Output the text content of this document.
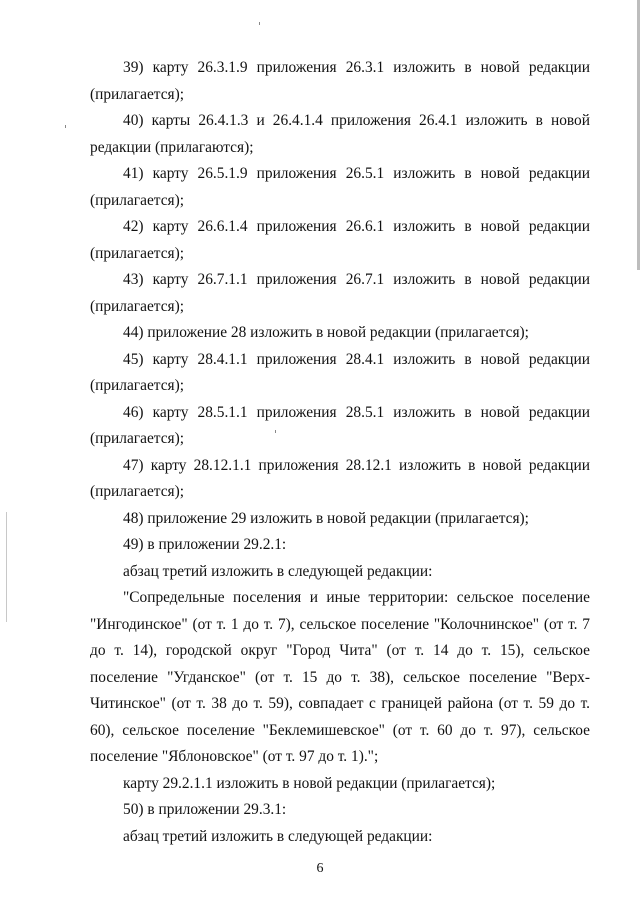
39) карту 26.3.1.9 приложения 26.3.1 изложить в новой редакции (прилагается);

40) карты 26.4.1.3 и 26.4.1.4 приложения 26.4.1 изложить в новой редакции (прилагаются);

41) карту 26.5.1.9 приложения 26.5.1 изложить в новой редакции (прилагается);

42) карту 26.6.1.4 приложения 26.6.1 изложить в новой редакции (прилагается);

43) карту 26.7.1.1 приложения 26.7.1 изложить в новой редакции (прилагается);

44) приложение 28 изложить в новой редакции (прилагается);

45) карту 28.4.1.1 приложения 28.4.1 изложить в новой редакции (прилагается);

46) карту 28.5.1.1 приложения 28.5.1 изложить в новой редакции (прилагается);

47) карту 28.12.1.1 приложения 28.12.1 изложить в новой редакции (прилагается);

48) приложение 29 изложить в новой редакции (прилагается);

49) в приложении 29.2.1:

абзац третий изложить в следующей редакции:

"Сопредельные поселения и иные территории: сельское поселение "Ингодинское" (от т. 1 до т. 7), сельское поселение "Колочнинское" (от т. 7 до т. 14), городской округ "Город Чита" (от т. 14 до т. 15), сельское поселение "Угданское" (от т. 15 до т. 38), сельское поселение "Верх-Читинское" (от т. 38 до т. 59), совпадает с границей района (от т. 59 до т. 60), сельское поселение "Беклемишевское" (от т. 60 до т. 97), сельское поселение "Яблоновское" (от т. 97 до т. 1).";

карту 29.2.1.1 изложить в новой редакции (прилагается);

50) в приложении 29.3.1:

абзац третий изложить в следующей редакции:

6
